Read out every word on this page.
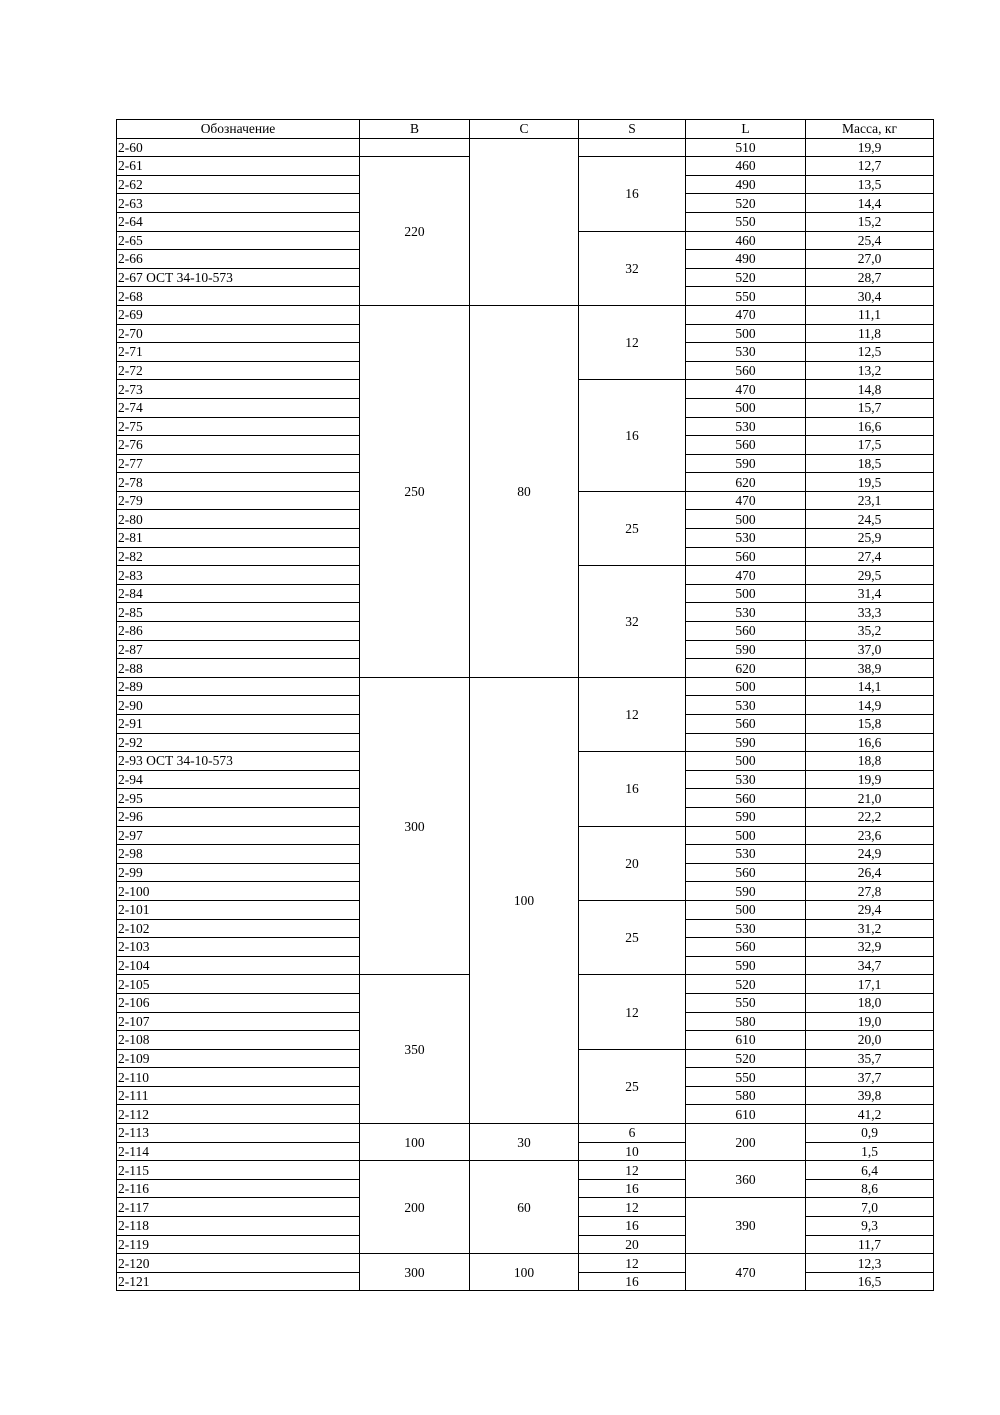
Обозначение	B	C	S	L	Масса, кг
2-60				510	19,9
2-61	220		16	460	12,7
2-62				490	13,5
2-63				520	14,4
2-64				550	15,2
2-65			32	460	25,4
2-66				490	27,0
2-67 ОСТ 34-10-573				520	28,7
2-68				550	30,4
2-69	250	80	12	470	11,1
2-70				500	11,8
2-71				530	12,5
2-72				560	13,2
2-73			16	470	14,8
2-74				500	15,7
2-75				530	16,6
2-76				560	17,5
2-77				590	18,5
2-78				620	19,5
2-79			25	470	23,1
2-80				500	24,5
2-81				530	25,9
2-82				560	27,4
2-83			32	470	29,5
2-84				500	31,4
2-85				530	33,3
2-86				560	35,2
2-87				590	37,0
2-88				620	38,9
2-89	300	100	12	500	14,1
2-90				530	14,9
2-91				560	15,8
2-92				590	16,6
2-93 ОСТ 34-10-573			16	500	18,8
2-94				530	19,9
2-95				560	21,0
2-96				590	22,2
2-97			20	500	23,6
2-98				530	24,9
2-99				560	26,4
2-100				590	27,8
2-101			25	500	29,4
2-102				530	31,2
2-103				560	32,9
2-104				590	34,7
2-105	350		12	520	17,1
2-106				550	18,0
2-107				580	19,0
2-108				610	20,0
2-109			25	520	35,7
2-110				550	37,7
2-111				580	39,8
2-112				610	41,2
2-113	100	30	6	200	0,9
2-114			10		1,5
2-115	200	60	12	360	6,4
2-116			16		8,6
2-117			12	390	7,0
2-118			16		9,3
2-119			20		11,7
2-120	300	100	12	470	12,3
2-121			16		16,5
